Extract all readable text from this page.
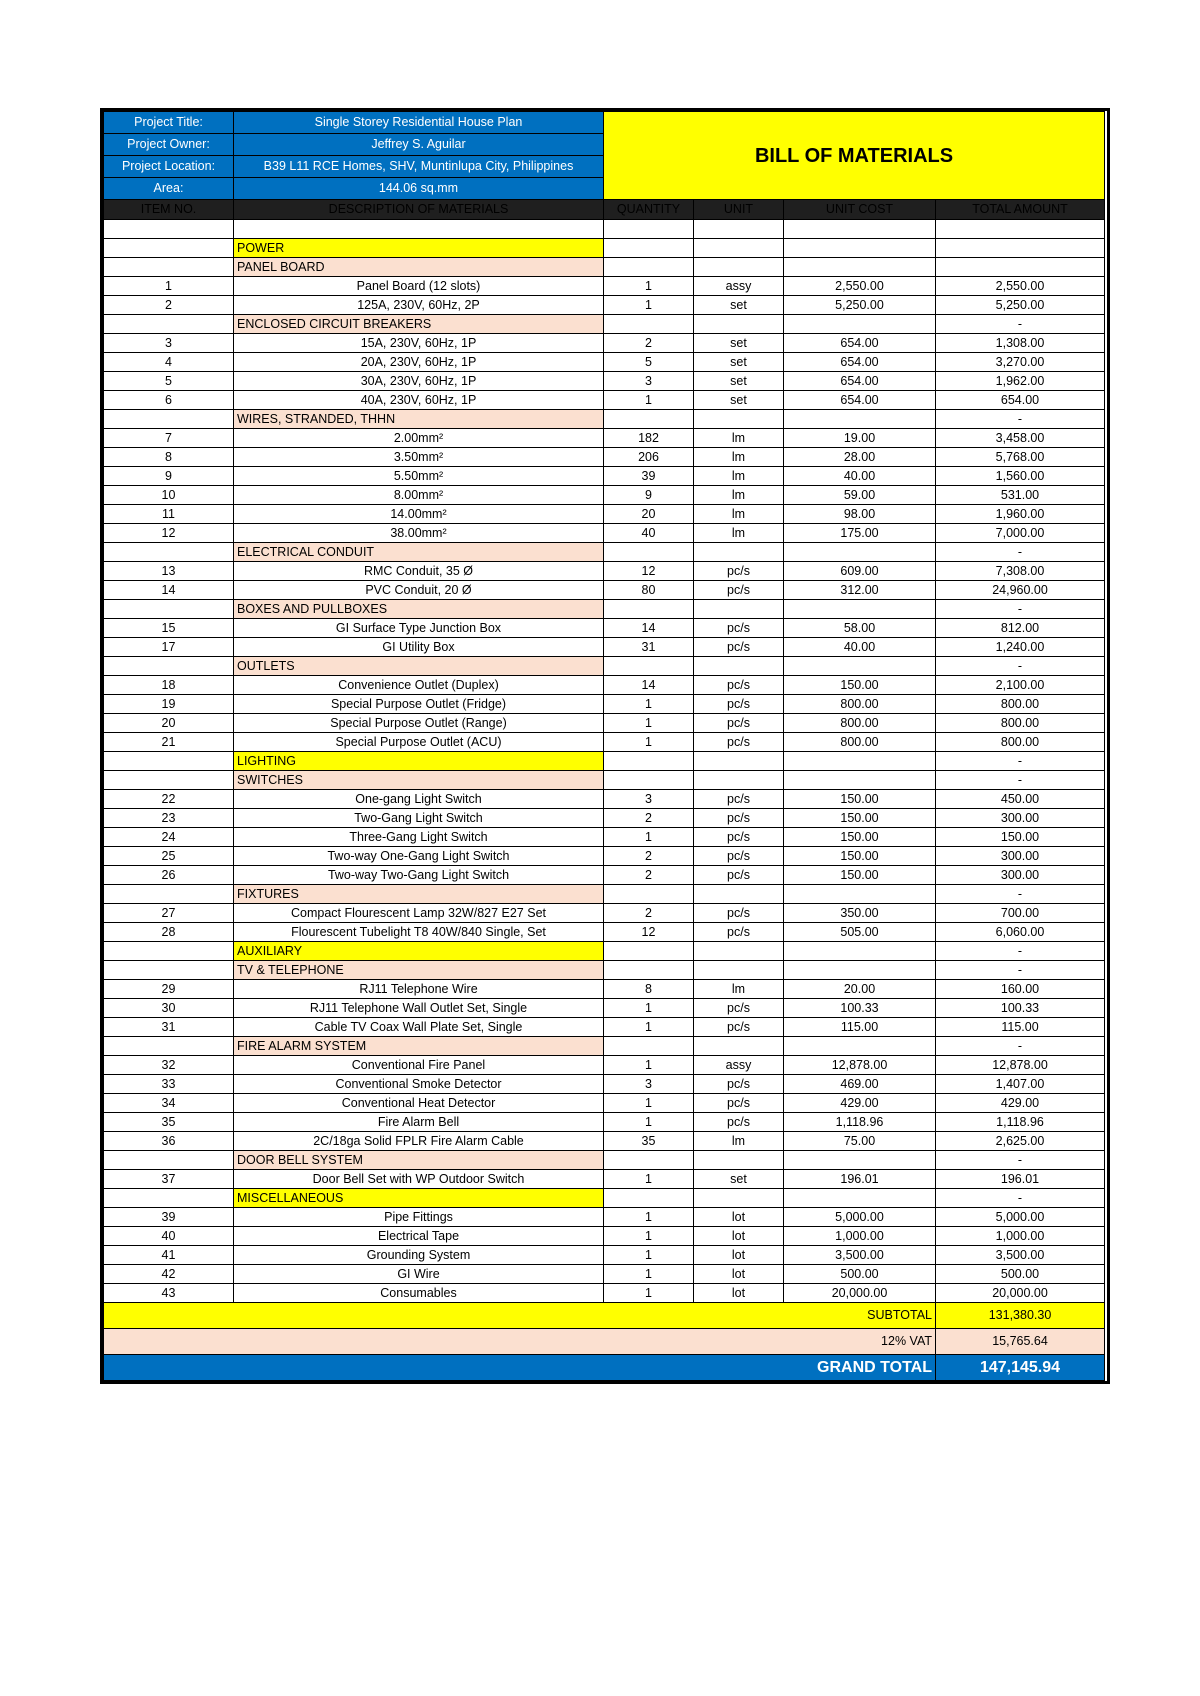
Project Title:	Single Storey Residential House Plan	BILL OF MATERIALS			
Project Owner:	Jeffrey S. Aguilar				
Project Location:	B39 L11 RCE Homes, SHV, Muntinlupa City, Philippines				
Area:	144.06 sq.mm				
ITEM NO.	DESCRIPTION OF MATERIALS	QUANTITY	UNIT	UNIT COST	TOTAL AMOUNT

	POWER				
	PANEL BOARD				
1	Panel Board (12 slots)	1	assy	2,550.00	2,550.00
2	125A, 230V, 60Hz, 2P	1	set	5,250.00	5,250.00
	ENCLOSED CIRCUIT BREAKERS				-
3	15A, 230V, 60Hz, 1P	2	set	654.00	1,308.00
4	20A, 230V, 60Hz, 1P	5	set	654.00	3,270.00
5	30A, 230V, 60Hz, 1P	3	set	654.00	1,962.00
6	40A, 230V, 60Hz, 1P	1	set	654.00	654.00
	WIRES, STRANDED, THHN				-
7	2.00mm²	182	lm	19.00	3,458.00
8	3.50mm²	206	lm	28.00	5,768.00
9	5.50mm²	39	lm	40.00	1,560.00
10	8.00mm²	9	lm	59.00	531.00
11	14.00mm²	20	lm	98.00	1,960.00
12	38.00mm²	40	lm	175.00	7,000.00
	ELECTRICAL CONDUIT				-
13	RMC Conduit, 35 Ø	12	pc/s	609.00	7,308.00
14	PVC Conduit, 20 Ø	80	pc/s	312.00	24,960.00
	BOXES AND PULLBOXES				-
15	GI Surface Type Junction Box	14	pc/s	58.00	812.00
17	GI Utility Box	31	pc/s	40.00	1,240.00
	OUTLETS				-
18	Convenience Outlet (Duplex)	14	pc/s	150.00	2,100.00
19	Special Purpose Outlet (Fridge)	1	pc/s	800.00	800.00
20	Special Purpose Outlet (Range)	1	pc/s	800.00	800.00
21	Special Purpose Outlet (ACU)	1	pc/s	800.00	800.00
	LIGHTING				-
	SWITCHES				-
22	One-gang Light Switch	3	pc/s	150.00	450.00
23	Two-Gang Light Switch	2	pc/s	150.00	300.00
24	Three-Gang Light Switch	1	pc/s	150.00	150.00
25	Two-way One-Gang Light Switch	2	pc/s	150.00	300.00
26	Two-way Two-Gang Light Switch	2	pc/s	150.00	300.00
	FIXTURES				-
27	Compact Flourescent Lamp 32W/827 E27 Set	2	pc/s	350.00	700.00
28	Flourescent Tubelight T8 40W/840 Single, Set	12	pc/s	505.00	6,060.00
	AUXILIARY				-
	TV & TELEPHONE				-
29	RJ11 Telephone Wire	8	lm	20.00	160.00
30	RJ11 Telephone Wall Outlet Set, Single	1	pc/s	100.33	100.33
31	Cable TV Coax Wall Plate Set, Single	1	pc/s	115.00	115.00
	FIRE ALARM SYSTEM				-
32	Conventional Fire Panel	1	assy	12,878.00	12,878.00
33	Conventional Smoke Detector	3	pc/s	469.00	1,407.00
34	Conventional Heat Detector	1	pc/s	429.00	429.00
35	Fire Alarm Bell	1	pc/s	1,118.96	1,118.96
36	2C/18ga Solid FPLR Fire Alarm Cable	35	lm	75.00	2,625.00
	DOOR BELL SYSTEM				-
37	Door Bell Set with WP Outdoor Switch	1	set	196.01	196.01
	MISCELLANEOUS				-
39	Pipe Fittings	1	lot	5,000.00	5,000.00
40	Electrical Tape	1	lot	1,000.00	1,000.00
41	Grounding System	1	lot	3,500.00	3,500.00
42	GI Wire	1	lot	500.00	500.00
43	Consumables	1	lot	20,000.00	20,000.00
SUBTOTAL					131,380.30
12% VAT					15,765.64
GRAND TOTAL					147,145.94
